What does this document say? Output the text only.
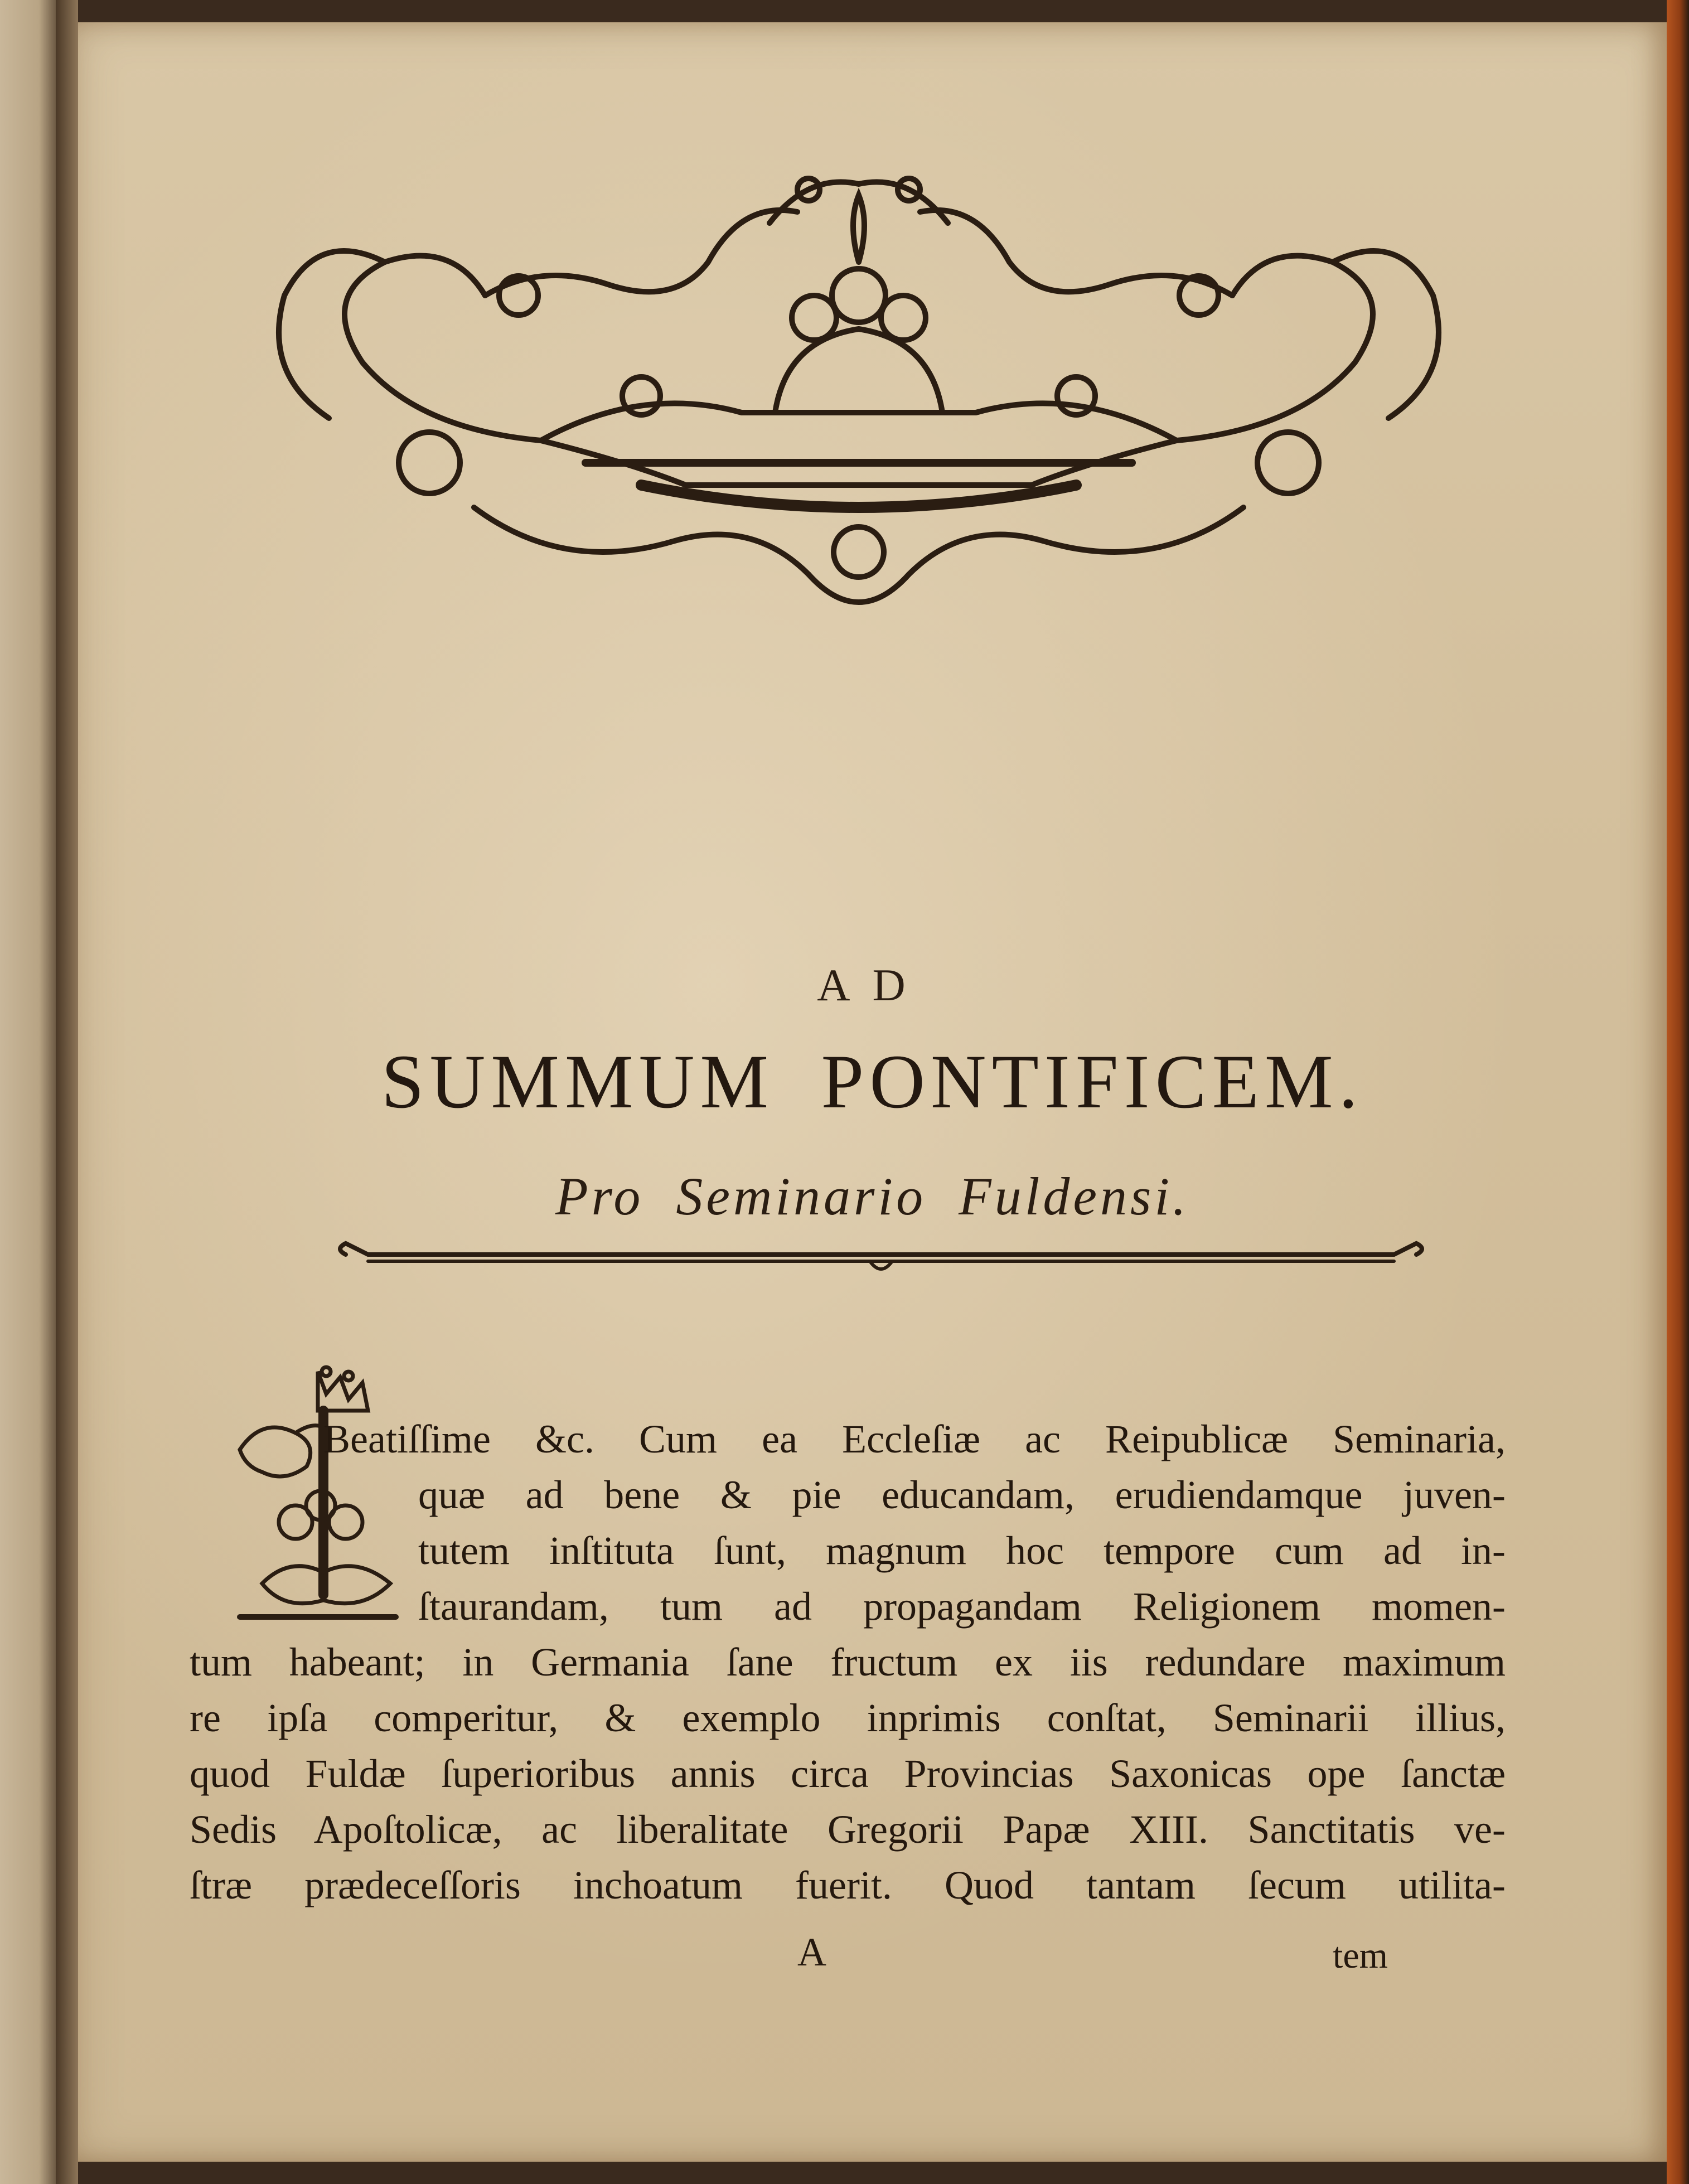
AD
SUMMUM PONTIFICEM.
Pro Seminario Fuldensi.
Beatiſſime &c. Cum ea Eccleſiæ ac Reipublicæ Seminaria,
quæ ad bene & pie educandam, erudiendamque juven-
tutem inſtituta ſunt, magnum hoc tempore cum ad in-
ſtaurandam, tum ad propagandam Religionem momen-
tum habeant; in Germania ſane fructum ex iis redundare maximum
re ipſa comperitur, & exemplo inprimis conſtat, Seminarii illius,
quod Fuldæ ſuperioribus annis circa Provincias Saxonicas ope ſanctæ
Sedis Apoſtolicæ, ac liberalitate Gregorii Papæ XIII. Sanctitatis ve-
ſtræ prædeceſſoris inchoatum fuerit. Quod tantam ſecum utilita-
A	tem
